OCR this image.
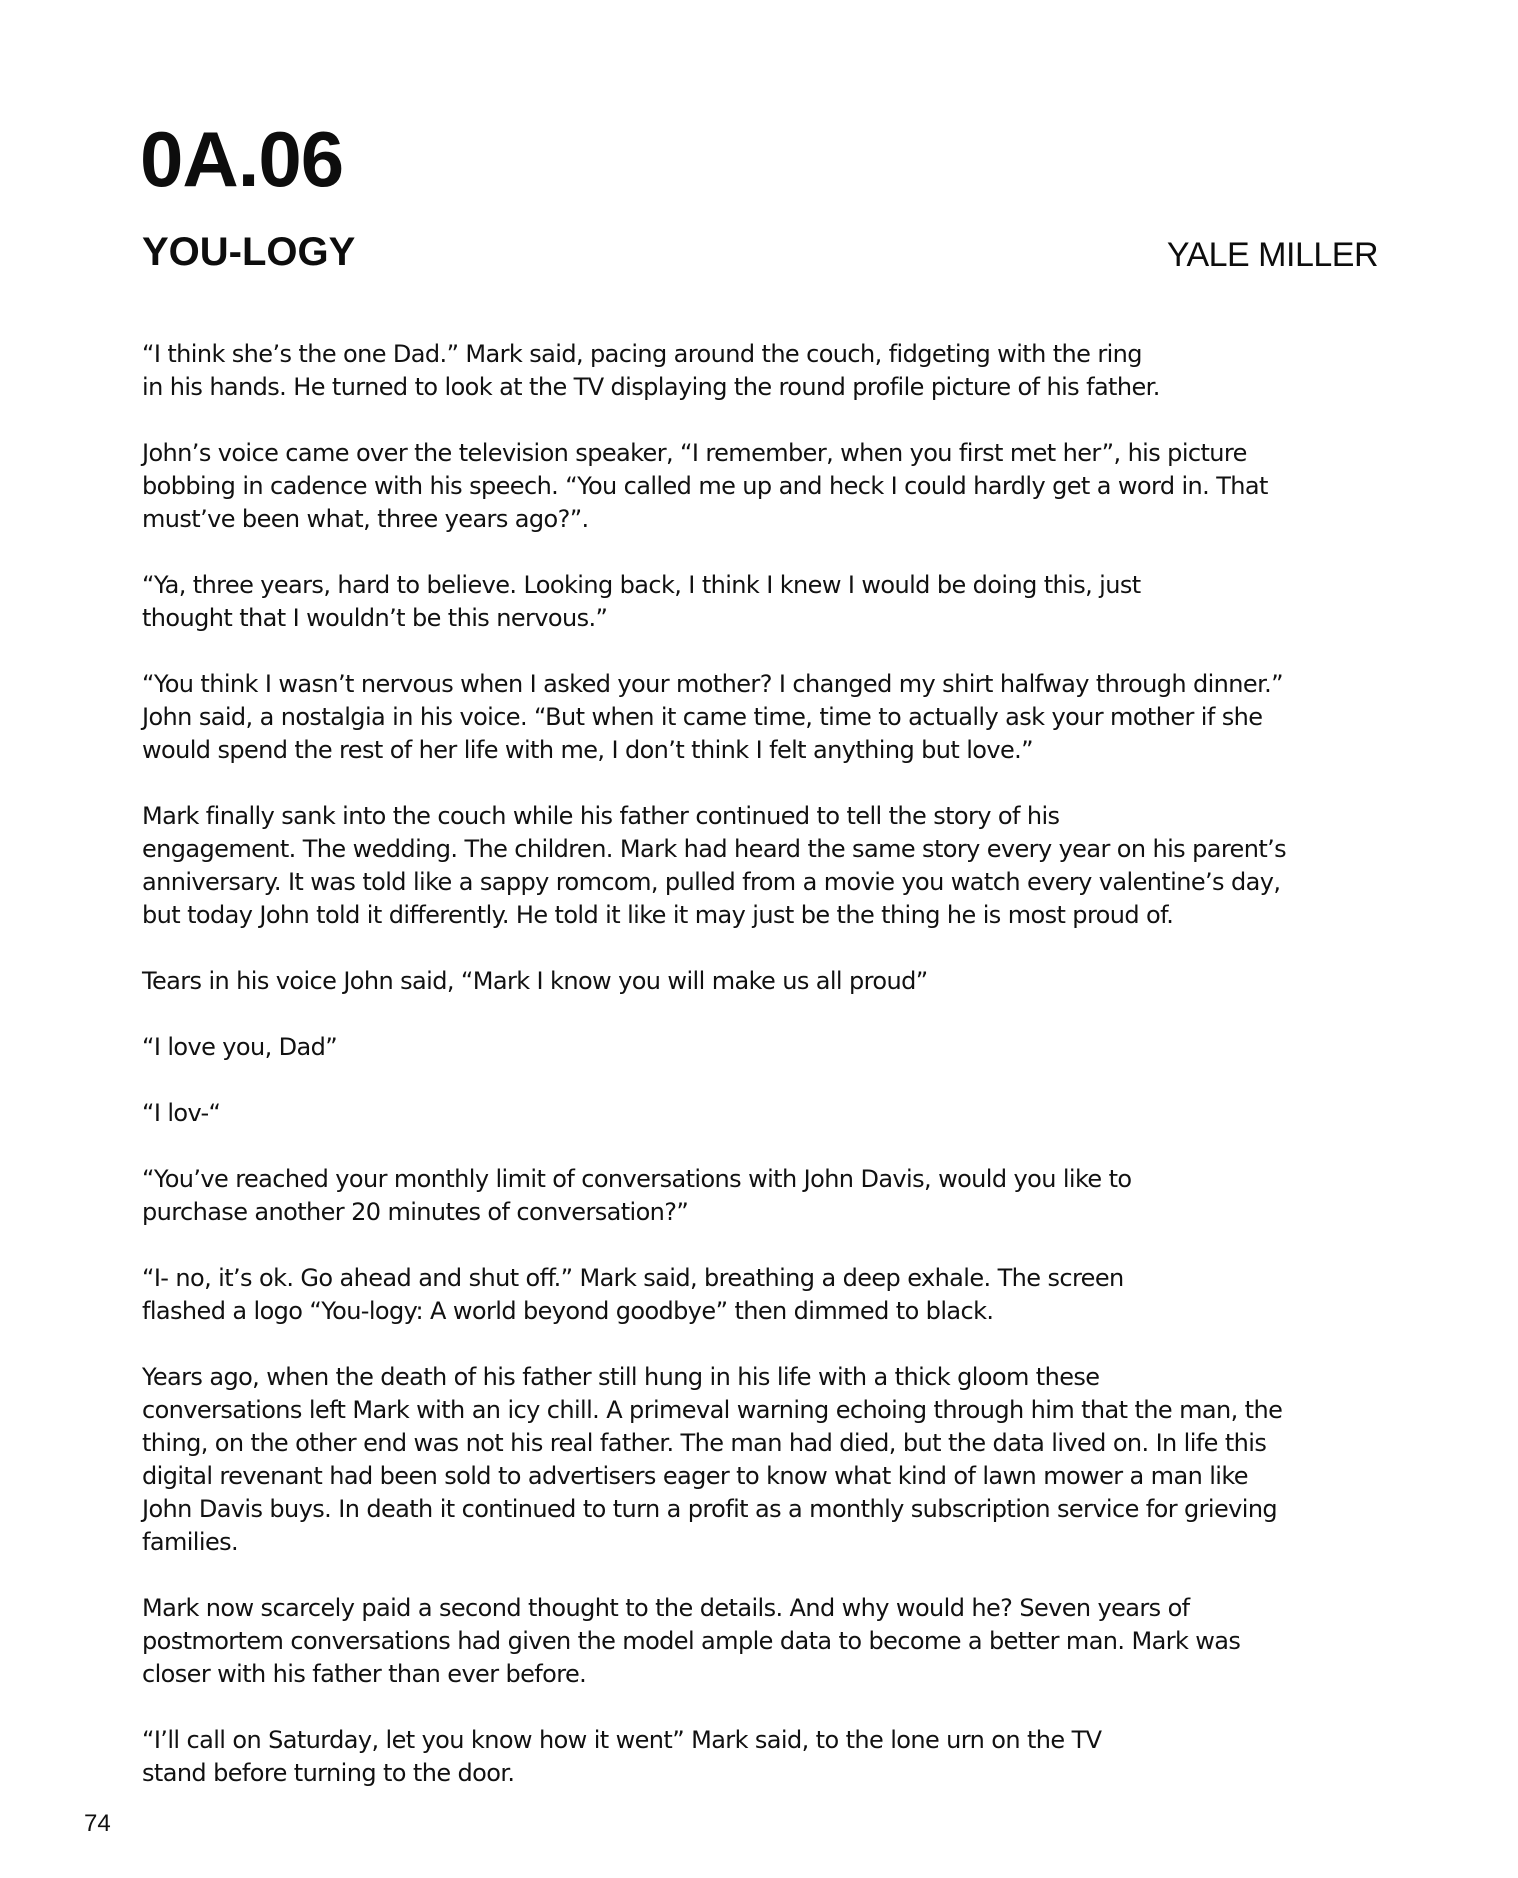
0A.06
YOU-LOGY	YALE MILLER

“I think she’s the one Dad.” Mark said, pacing around the couch, fidgeting with the ring
in his hands. He turned to look at the TV displaying the round profile picture of his father.

John’s voice came over the television speaker, “I remember, when you first met her”, his picture
bobbing in cadence with his speech. “You called me up and heck I could hardly get a word in. That
must’ve been what, three years ago?”.

“Ya, three years, hard to believe. Looking back, I think I knew I would be doing this, just
thought that I wouldn’t be this nervous.”

“You think I wasn’t nervous when I asked your mother? I changed my shirt halfway through dinner.”
John said, a nostalgia in his voice. “But when it came time, time to actually ask your mother if she
would spend the rest of her life with me, I don’t think I felt anything but love.”

Mark finally sank into the couch while his father continued to tell the story of his
engagement. The wedding. The children. Mark had heard the same story every year on his parent’s
anniversary. It was told like a sappy romcom, pulled from a movie you watch every valentine’s day,
but today John told it differently. He told it like it may just be the thing he is most proud of.

Tears in his voice John said, “Mark I know you will make us all proud”

“I love you, Dad”

“I lov-“

“You’ve reached your monthly limit of conversations with John Davis, would you like to
purchase another 20 minutes of conversation?”

“I- no, it’s ok. Go ahead and shut off.” Mark said, breathing a deep exhale. The screen
flashed a logo “You-logy: A world beyond goodbye” then dimmed to black.

Years ago, when the death of his father still hung in his life with a thick gloom these
conversations left Mark with an icy chill. A primeval warning echoing through him that the man, the
thing, on the other end was not his real father. The man had died, but the data lived on. In life this
digital revenant had been sold to advertisers eager to know what kind of lawn mower a man like
John Davis buys. In death it continued to turn a profit as a monthly subscription service for grieving
families.

Mark now scarcely paid a second thought to the details. And why would he? Seven years of
postmortem conversations had given the model ample data to become a better man. Mark was
closer with his father than ever before.

“I’ll call on Saturday, let you know how it went” Mark said, to the lone urn on the TV
stand before turning to the door.

74
